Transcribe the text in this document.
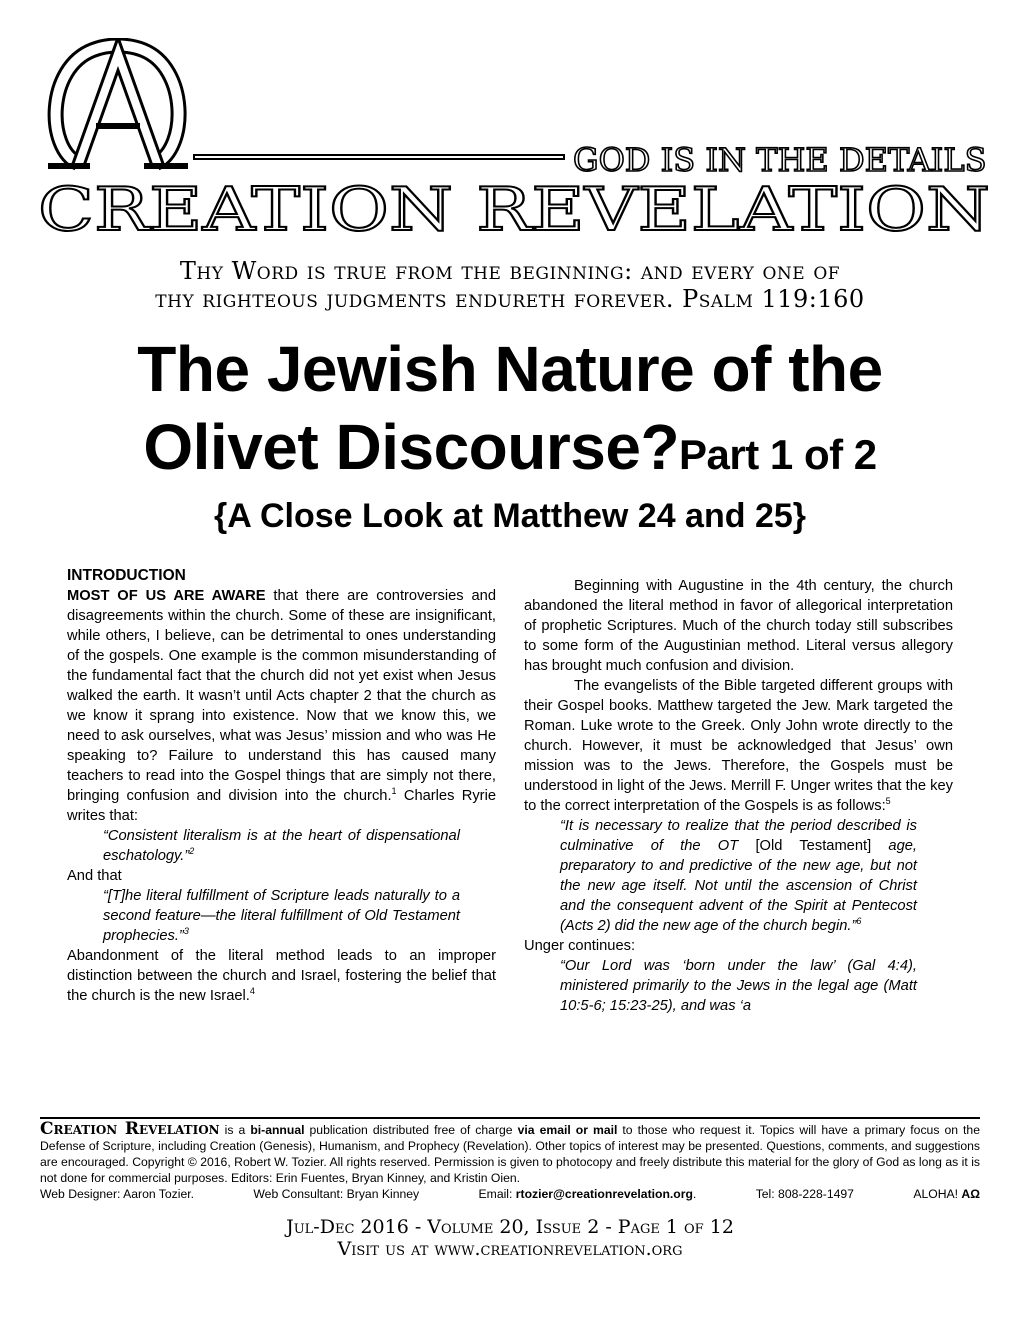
GOD IS IN THE DETAILS
CREATION REVELATION
Thy Word is true from the beginning: and every one of
thy righteous judgments endureth forever. Psalm 119:160
The Jewish Nature of the
Olivet Discourse?Part 1 of 2
{A Close Look at Matthew 24 and 25}
INTRODUCTION

MOST OF US ARE AWARE that there are controversies and disagreements within the church. Some of these are insignificant, while others, I believe, can be detrimental to ones understanding of the gospels. One example is the common misunderstanding of the fundamental fact that the church did not yet exist when Jesus walked the earth. It wasn’t until Acts chapter 2 that the church as we know it sprang into existence. Now that we know this, we need to ask ourselves, what was Jesus’ mission and who was He speaking to? Failure to understand this has caused many teachers to read into the Gospel things that are simply not there, bringing confusion and division into the church.$^1$ Charles Ryrie writes that:

“Consistent literalism is at the heart of dispensational eschatology.”$^2$

And that

“[T]he literal fulfillment of Scripture leads naturally to a second feature—the literal fulfillment of Old Testament prophecies.”$^3$

Abandonment of the literal method leads to an improper distinction between the church and Israel, fostering the belief that the church is the new Israel.$^4$

Beginning with Augustine in the 4th century, the church abandoned the literal method in favor of allegorical interpretation of prophetic Scriptures. Much of the church today still subscribes to some form of the Augustinian method. Literal versus allegory has brought much confusion and division.

The evangelists of the Bible targeted different groups with their Gospel books. Matthew targeted the Jew. Mark targeted the Roman. Luke wrote to the Greek. Only John wrote directly to the church. However, it must be acknowledged that Jesus’ own mission was to the Jews. Therefore, the Gospels must be understood in light of the Jews. Merrill F. Unger writes that the key to the correct interpretation of the Gospels is as follows:$^5$

“It is necessary to realize that the period described is culminative of the OT [Old Testament] age, preparatory to and predictive of the new age, but not the new age itself. Not until the ascension of Christ and the consequent advent of the Spirit at Pentecost (Acts 2) did the new age of the church begin.”$^6$

Unger continues:

“Our Lord was ‘born under the law’ (Gal 4:4), ministered primarily to the Jews in the legal age (Matt 10:5-6; 15:23-25), and was ‘a

Creation Revelation is a bi-annual publication distributed free of charge via email or mail to those who request it. Topics will have a primary focus on the Defense of Scripture, including Creation (Genesis), Humanism, and Prophecy (Revelation). Other topics of interest may be presented. Questions, comments, and suggestions are encouraged. Copyright © 2016, Robert W. Tozier. All rights reserved. Permission is given to photocopy and freely distribute this material for the glory of God as long as it is not done for commercial purposes. Editors: Erin Fuentes, Bryan Kinney, and Kristin Oien.
Web Designer: Aaron Tozier.	Web Consultant: Bryan Kinney	Email: rtozier@creationrevelation.org.	Tel: 808-228-1497	ALOHA! AΩ
Jul-Dec 2016 - Volume 20, Issue 2 - Page 1 of 12
Visit us at www.creationrevelation.org
